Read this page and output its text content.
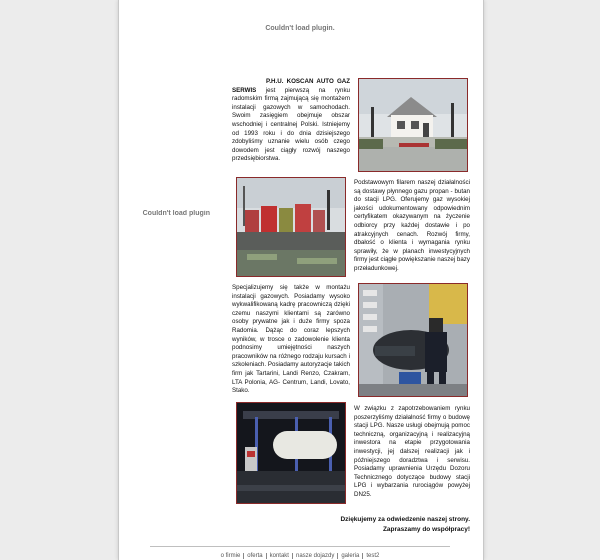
Couldn't load plugin.
P.H.U. KOSCAN AUTO GAZ SERWIS jest pierwszą na rynku radomskim firmą zajmującą się montażem instalacji gazowych w samochodach. Swoim zasięgiem obejmuje obszar wschodniej i centralnej Polski. Istniejemy od 1993 roku i do dnia dzisiejszego zdobyliśmy uznanie wielu osób czego dowodem jest ciągły rozwój naszego przedsiębiorstwa.
Couldn't load plugin
Podstawowym filarem naszej działalności są dostawy płynnego gazu propan - butan do stacji LPG. Oferujemy gaz wysokiej jakości udokumentowany odpowiednim certyfikatem okazywanym na życzenie odbiorcy przy każdej dostawie i po atrakcyjnych cenach. Rozwój firmy, dbałość o klienta i wymagania rynku sprawiły, że w planach inwestycyjnych firmy jest ciągłe powiększanie naszej bazy przeładunkowej.
Specjalizujemy się także w montażu instalacji gazowych. Posiadamy wysoko wykwalifikowaną kadrę pracowniczą dzięki czemu naszymi klientami są zarówno osoby prywatne jak i duże firmy spoza Radomia. Dążąc do coraz lepszych wyników, w trosce o zadowolenie klienta podnosimy umiejętności naszych pracowników na różnego rodzaju kursach i szkoleniach. Posiadamy autoryzacje takich firm jak Tartarini, Landi Renzo, Czakram, LTA Polonia, AG- Centrum, Landi, Lovato, Stako.
W związku z zapotrzebowaniem rynku poszerzyliśmy działalność firmy o budowę stacji LPG. Nasze usługi obejmują pomoc techniczną, organizacyjną i realizacyjną inwestora na etapie przygotowania inwestycji, jej dalszej realizacji jak i późniejszego doradztwa i serwisu. Posiadamy uprawnienia Urzędu Dozoru Technicznego dotyczące budowy stacji LPG i wybarzania rurociągów powyżej DN25.
Dziękujemy za odwiedzenie naszej strony.
Zapraszamy do współpracy!
o firmie oferta kontakt nasze dojazdy galeria test2
